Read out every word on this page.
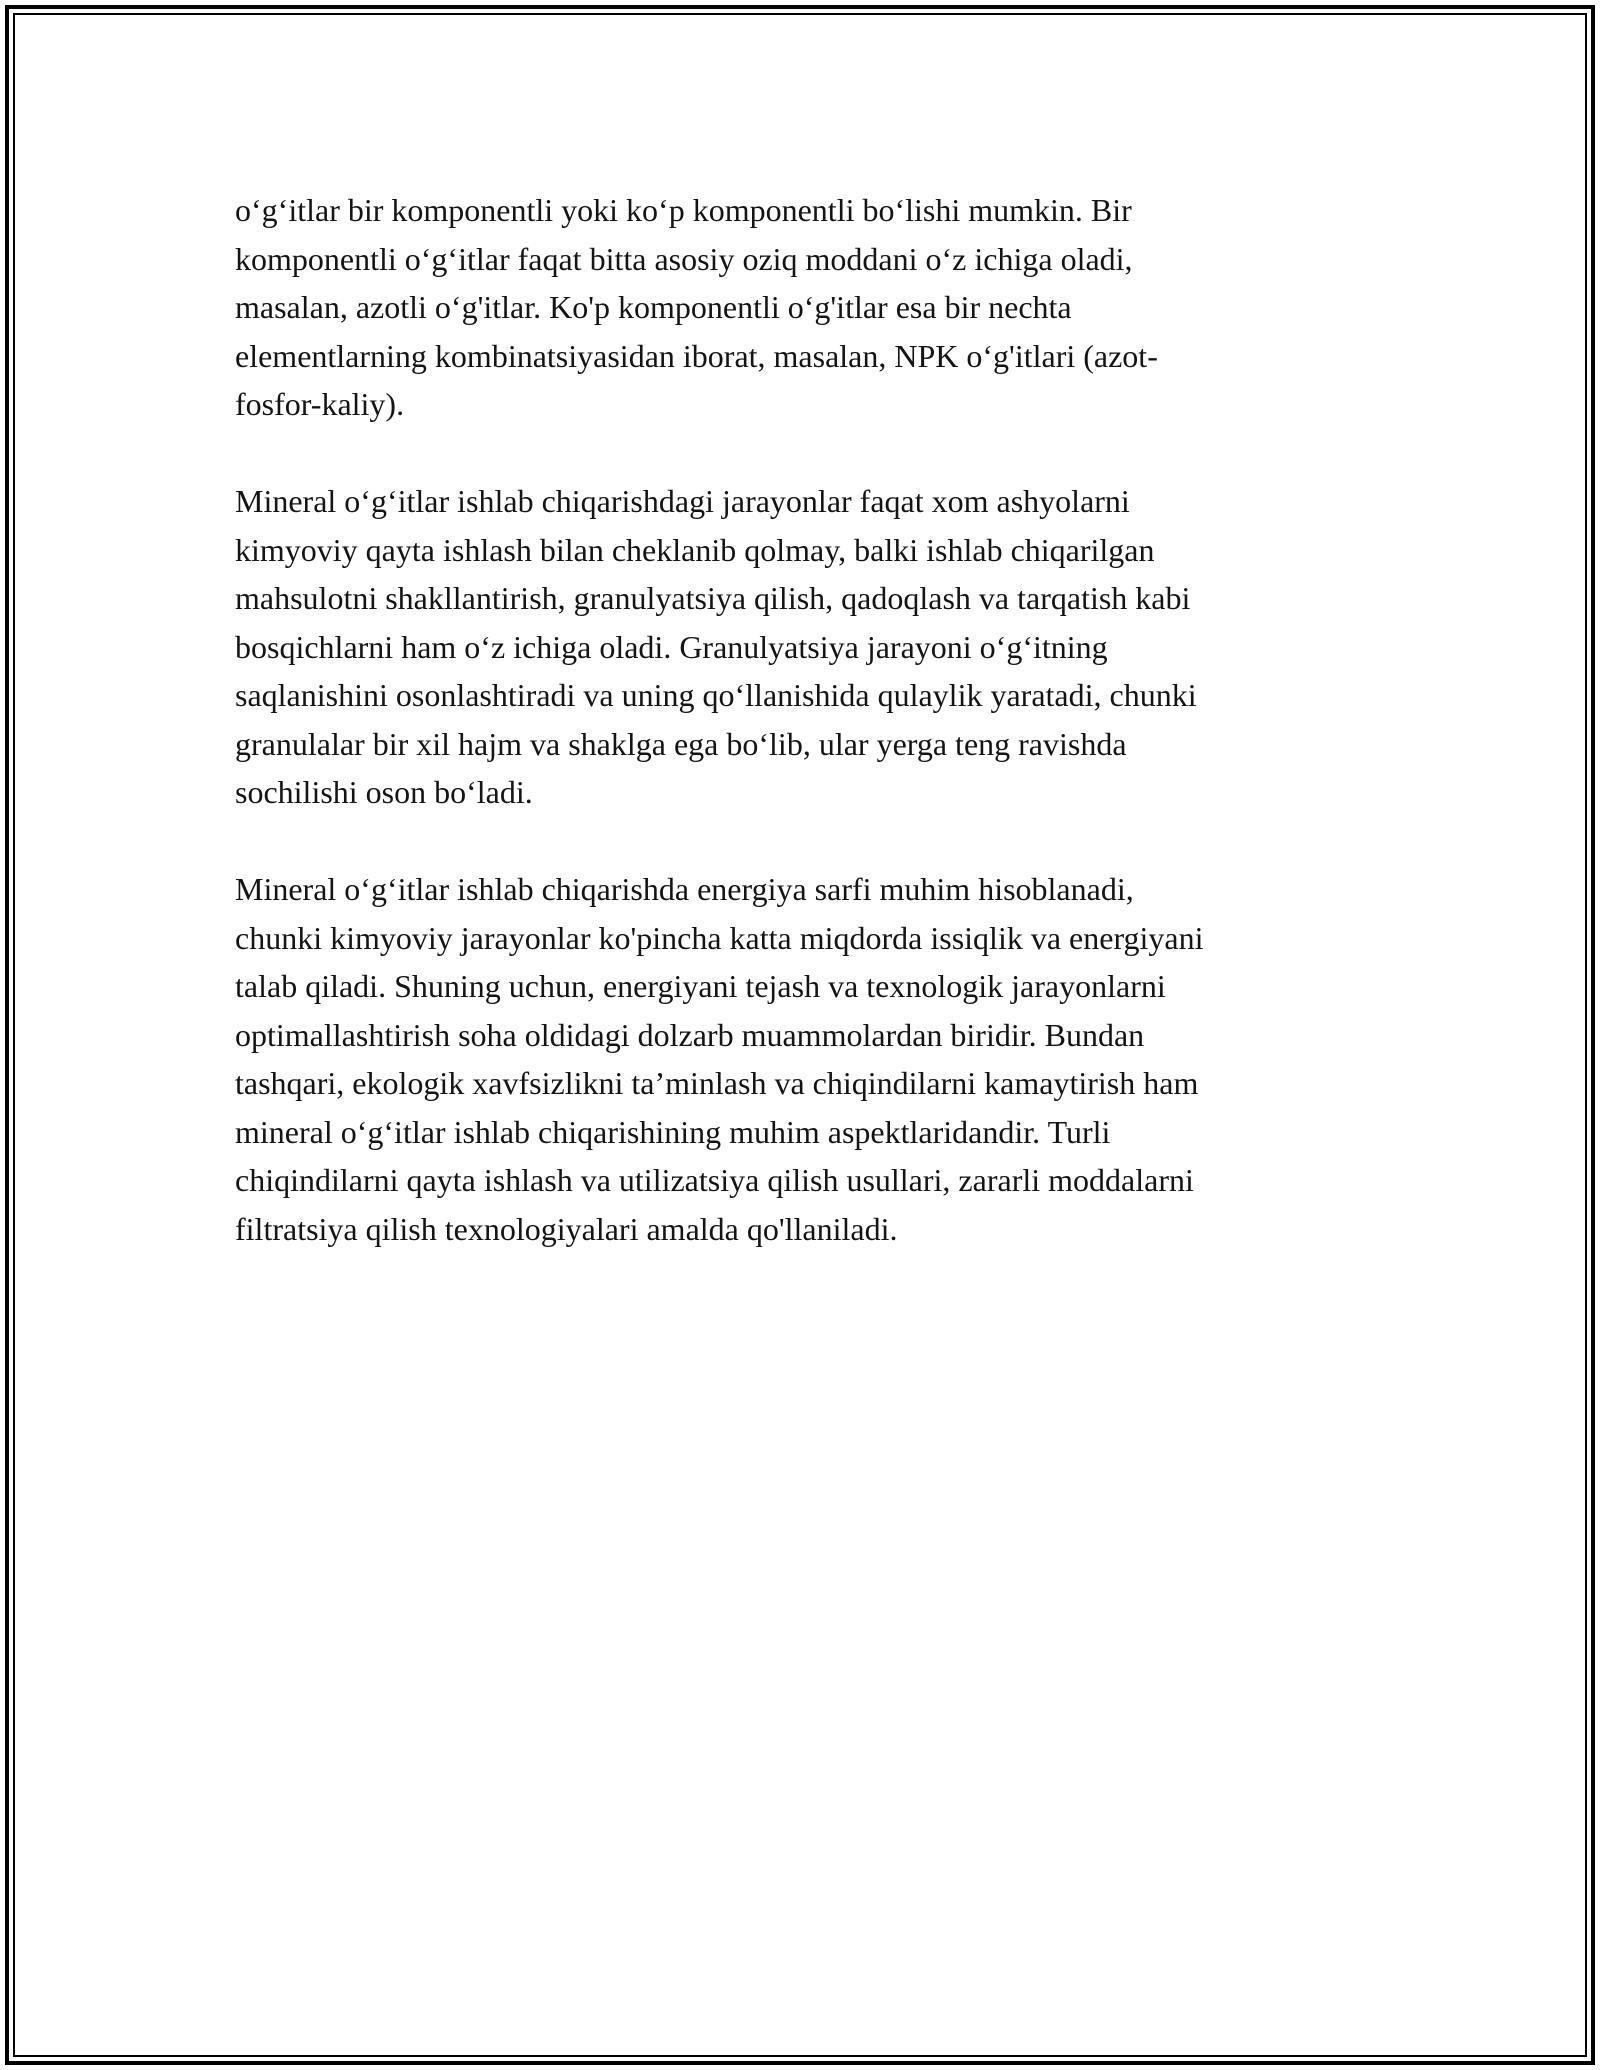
o‘g‘itlar bir komponentli yoki ko‘p komponentli bo‘lishi mumkin. Bir
komponentli o‘g‘itlar faqat bitta asosiy oziq moddani o‘z ichiga oladi,
masalan, azotli o‘g'itlar. Ko'p komponentli o‘g'itlar esa bir nechta
elementlarning kombinatsiyasidan iborat, masalan, NPK o‘g'itlari (azot-
fosfor-kaliy).

Mineral o‘g‘itlar ishlab chiqarishdagi jarayonlar faqat xom ashyolarni
kimyoviy qayta ishlash bilan cheklanib qolmay, balki ishlab chiqarilgan
mahsulotni shakllantirish, granulyatsiya qilish, qadoqlash va tarqatish kabi
bosqichlarni ham o‘z ichiga oladi. Granulyatsiya jarayoni o‘g‘itning
saqlanishini osonlashtiradi va uning qo‘llanishida qulaylik yaratadi, chunki
granulalar bir xil hajm va shaklga ega bo‘lib, ular yerga teng ravishda
sochilishi oson bo‘ladi.

Mineral o‘g‘itlar ishlab chiqarishda energiya sarfi muhim hisoblanadi,
chunki kimyoviy jarayonlar ko'pincha katta miqdorda issiqlik va energiyani
talab qiladi. Shuning uchun, energiyani tejash va texnologik jarayonlarni
optimallashtirish soha oldidagi dolzarb muammolardan biridir. Bundan
tashqari, ekologik xavfsizlikni ta’minlash va chiqindilarni kamaytirish ham
mineral o‘g‘itlar ishlab chiqarishining muhim aspektlaridandir. Turli
chiqindilarni qayta ishlash va utilizatsiya qilish usullari, zararli moddalarni
filtratsiya qilish texnologiyalari amalda qo'llaniladi.
